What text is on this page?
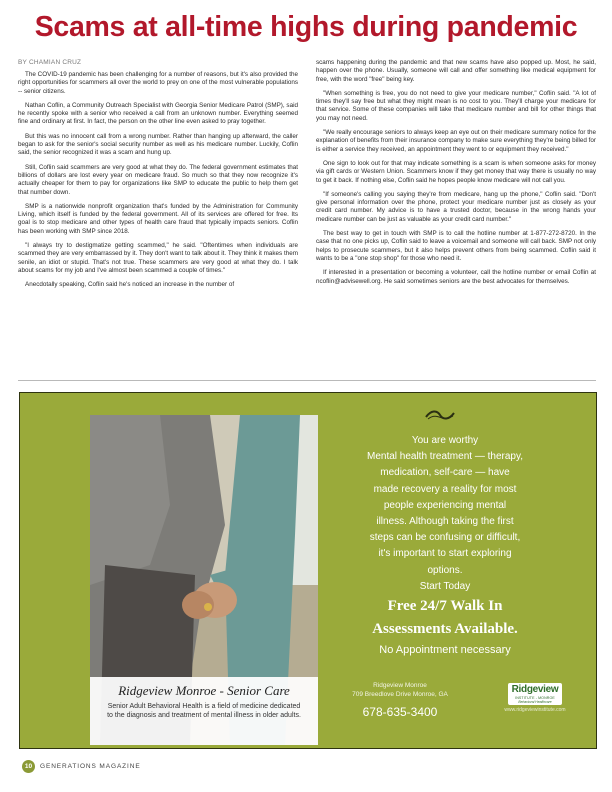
Scams at all-time highs during pandemic

BY CHAMIAN CRUZ

The COVID-19 pandemic has been challenging for a number of reasons, but it's also provided the right opportunities for scammers all over the world to prey on one of the most vulnerable populations -- senior citizens.

Nathan Coflin, a Community Outreach Specialist with Georgia Senior Medicare Patrol (SMP), said he recently spoke with a senior who received a call from an unknown number. Everything seemed fine and ordinary at first. In fact, the person on the other line even asked to pray together.

But this was no innocent call from a wrong number. Rather than hanging up afterward, the caller began to ask for the senior's social security number as well as his medicare number. Luckily, Coflin said, the senior recognized it was a scam and hung up.

Still, Coflin said scammers are very good at what they do. The federal government estimates that billions of dollars are lost every year on medicare fraud. So much so that they now recognize it's actually cheaper for them to pay for organizations like SMP to educate the public to help them get that number down.

SMP is a nationwide nonprofit organization that's funded by the Administration for Community Living, which itself is funded by the federal government. All of its services are offered for free. Its goal is to stop medicare and other types of health care fraud that typically impacts seniors. Coflin has been working with SMP since 2018.

"I always try to destigmatize getting scammed," he said. "Oftentimes when individuals are scammed they are very embarrassed by it. They don't want to talk about it. They think it makes them senile, an idiot or stupid. That's not true. These scammers are very good at what they do. I talk about scams for my job and I've almost been scammed a couple of times."

Anecdotally speaking, Coflin said he's noticed an increase in the number of

scams happening during the pandemic and that new scams have also popped up. Most, he said, happen over the phone. Usually, someone will call and offer something like medical equipment for free, with the word "free" being key.

"When something is free, you do not need to give your medicare number," Coflin said. "A lot of times they'll say free but what they might mean is no cost to you. They'll charge your medicare for that service. Some of these companies will take that medicare number and bill for other things that you may not need.

"We really encourage seniors to always keep an eye out on their medicare summary notice for the explanation of benefits from their insurance company to make sure everything they're being billed for is either a service they received, an appointment they went to or equipment they received."

One sign to look out for that may indicate something is a scam is when someone asks for money via gift cards or Western Union. Scammers know if they get money that way there is usually no way to get it back. If nothing else, Coflin said he hopes people know medicare will not call you.

"If someone's calling you saying they're from medicare, hang up the phone," Coflin said. "Don't give personal information over the phone, protect your medicare number just as closely as your credit card number. My advice is to have a trusted doctor, because in the wrong hands your medicare number can be just as valuable as your credit card number."

The best way to get in touch with SMP is to call the hotline number at 1-877-272-8720. In the case that no one picks up, Coflin said to leave a voicemail and someone will call back. SMP not only helps to prosecute scammers, but it also helps prevent others from being scammed. Coflin said it wants to be a "one stop shop" for those who need it.

If interested in a presentation or becoming a volunteer, call the hotline number or email Coflin at ncoflin@advisewell.org. He said sometimes seniors are the best advocates for themselves.

Ridgeview Monroe - Senior Care

Senior Adult Behavioral Health is a field of medicine dedicated to the diagnosis and treatment of mental illness in older adults.

You are worthy

Mental health treatment — therapy,

medication, self-care — have

made recovery a reality for most

people experiencing mental

illness. Although taking the first

steps can be confusing or difficult,

it's important to start exploring

options.

Start Today

Free 24/7 Walk In

Assessments Available.

No Appointment necessary

Ridgeview Monroe

709 Breedlove Drive Monroe, GA

678-635-3400

Ridgeview
INSTITUTE - MONROE
Behavioral Healthcare

www.ridgeviewinstitute.com

10	GENERATIONS MAGAZINE
